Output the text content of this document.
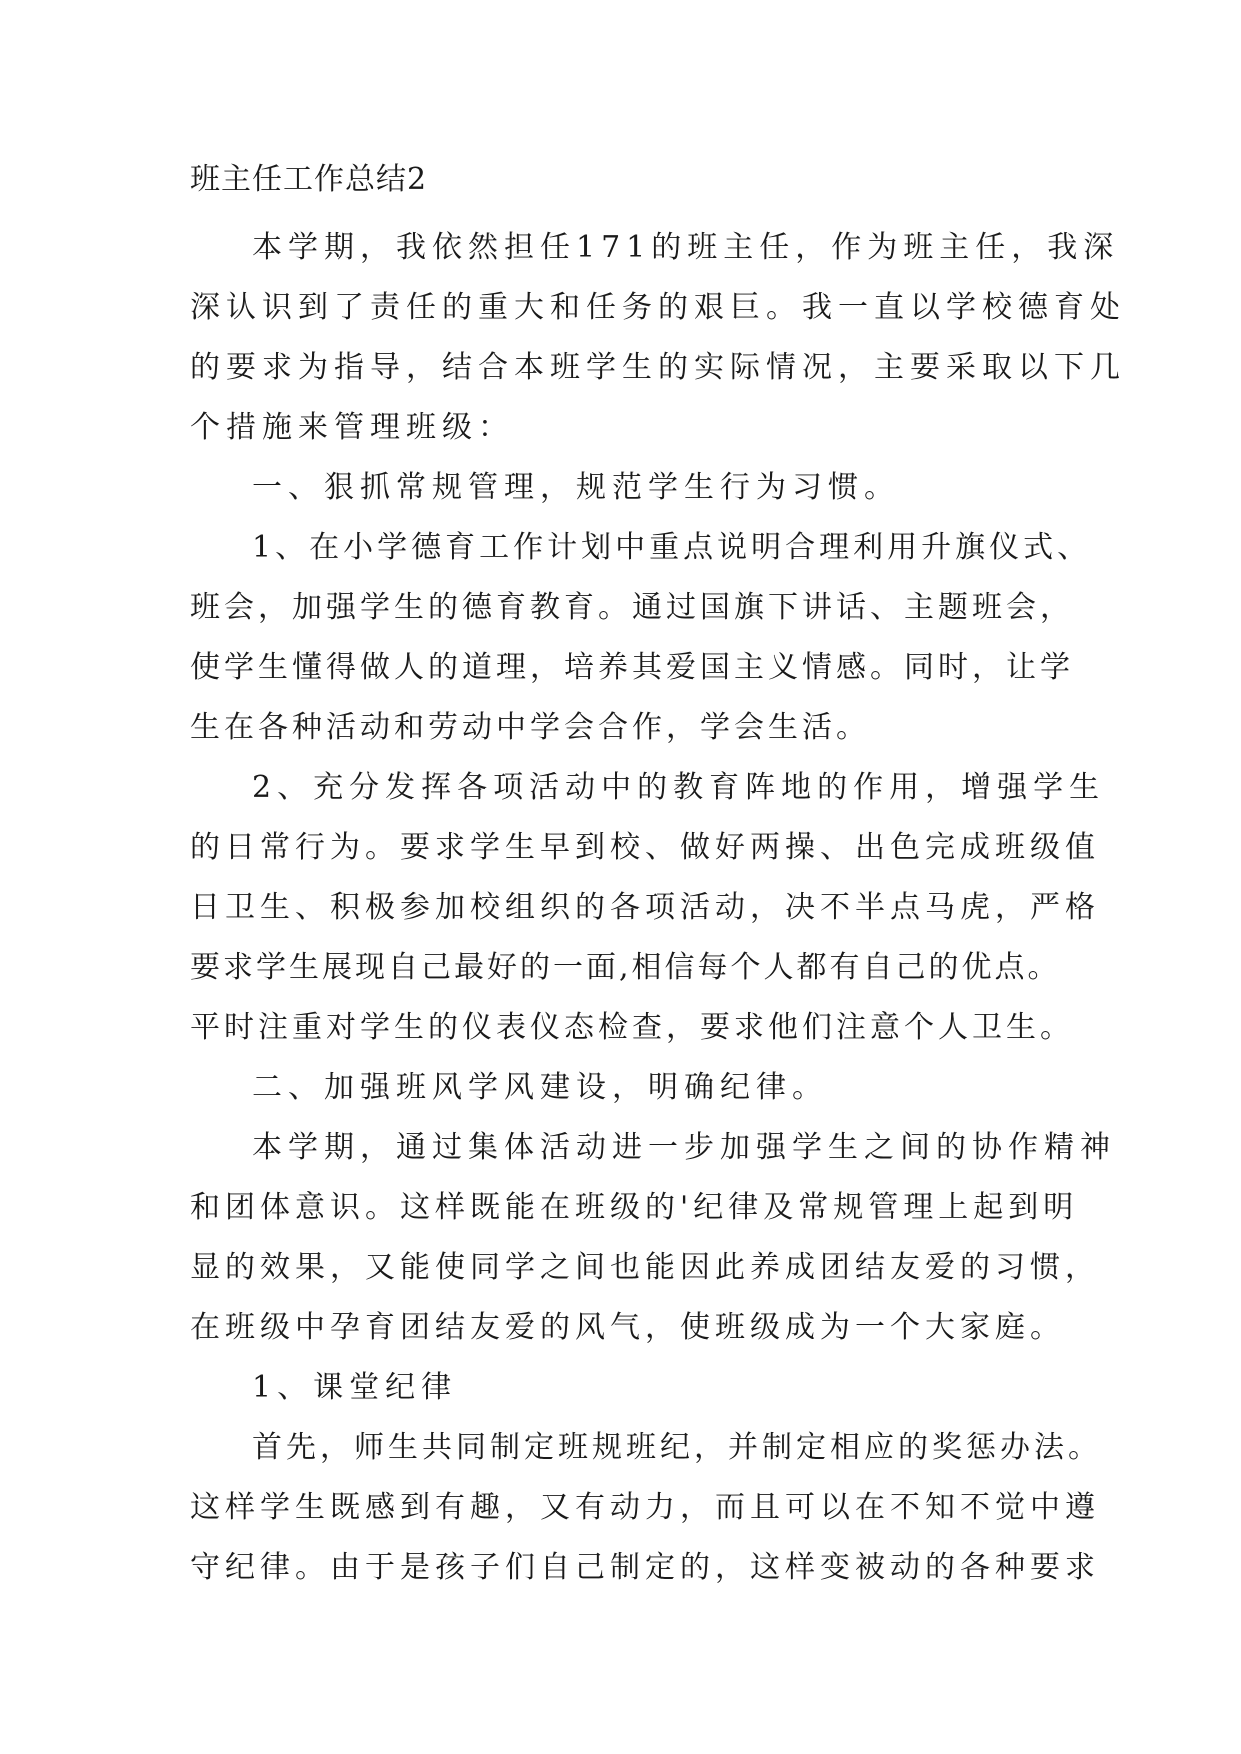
班主任工作总结2
本学期，我依然担任171的班主任，作为班主任，我深
深认识到了责任的重大和任务的艰巨。我一直以学校德育处
的要求为指导，结合本班学生的实际情况，主要采取以下几
个措施来管理班级：
一、狠抓常规管理，规范学生行为习惯。
1、在小学德育工作计划中重点说明合理利用升旗仪式、
班会，加强学生的德育教育。通过国旗下讲话、主题班会，
使学生懂得做人的道理，培养其爱国主义情感。同时，让学
生在各种活动和劳动中学会合作，学会生活。
2、充分发挥各项活动中的教育阵地的作用，增强学生
的日常行为。要求学生早到校、做好两操、出色完成班级值
日卫生、积极参加校组织的各项活动，决不半点马虎，严格
要求学生展现自己最好的一面,相信每个人都有自己的优点。
平时注重对学生的仪表仪态检查，要求他们注意个人卫生。
二、加强班风学风建设，明确纪律。
本学期，通过集体活动进一步加强学生之间的协作精神
和团体意识。这样既能在班级的'纪律及常规管理上起到明
显的效果，又能使同学之间也能因此养成团结友爱的习惯，
在班级中孕育团结友爱的风气，使班级成为一个大家庭。
1、课堂纪律
首先，师生共同制定班规班纪，并制定相应的奖惩办法。
这样学生既感到有趣，又有动力，而且可以在不知不觉中遵
守纪律。由于是孩子们自己制定的，这样变被动的各种要求
